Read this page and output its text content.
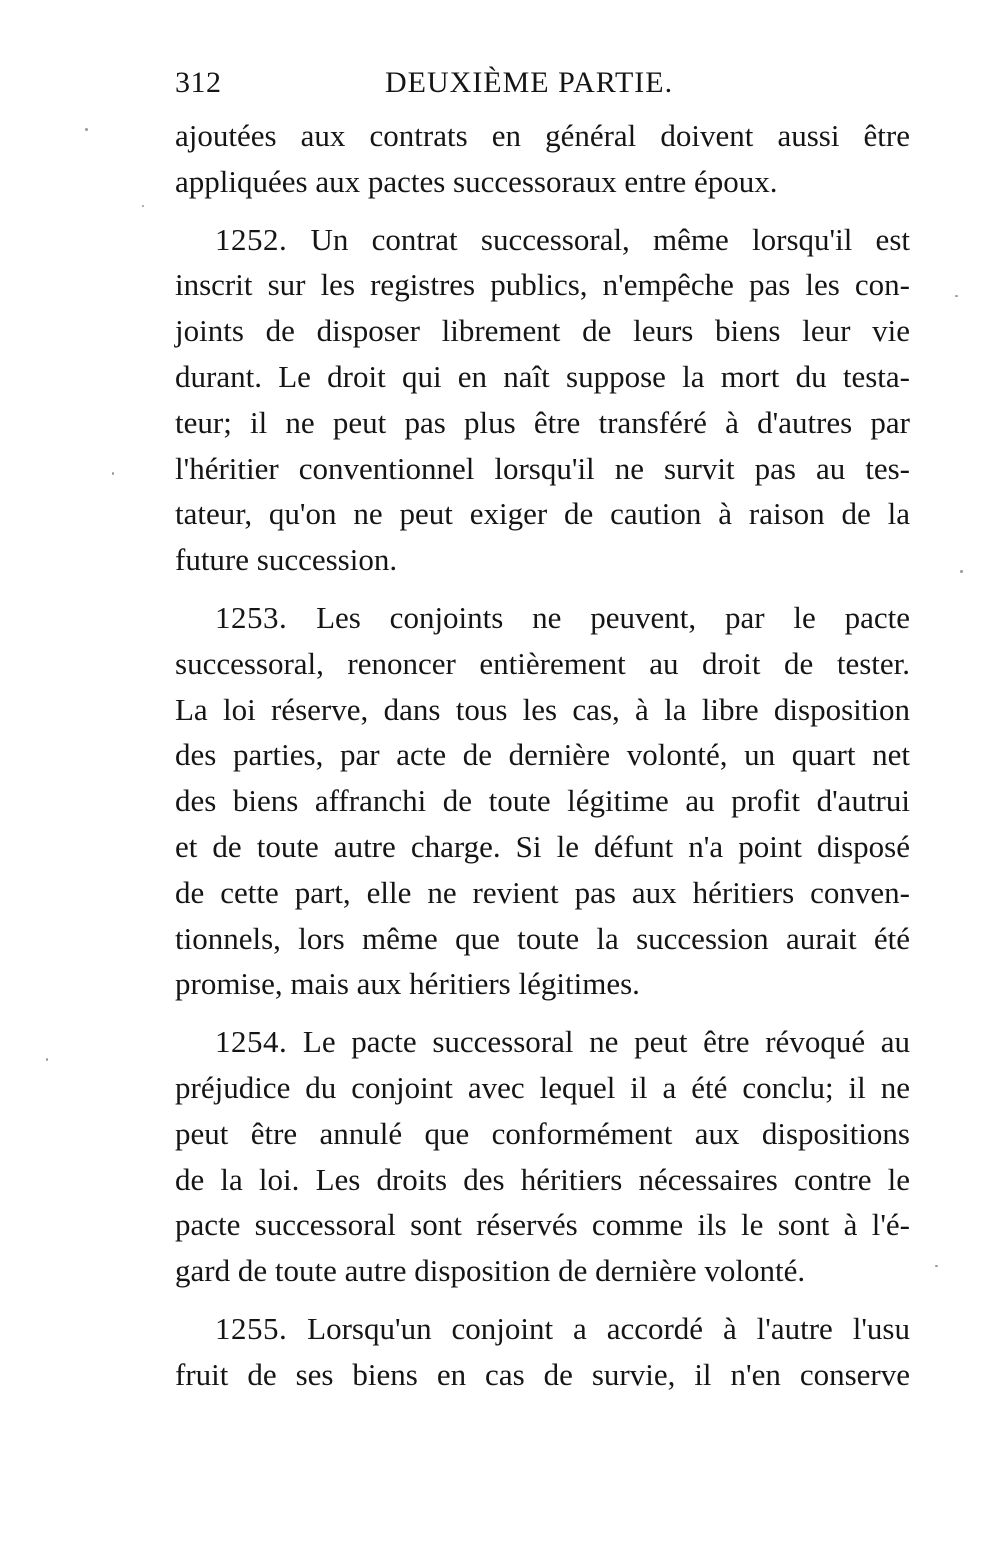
312	DEUXIÈME PARTIE.
ajoutées aux contrats en général doivent aussi être
appliquées aux pactes successoraux entre époux.
1252. Un contrat successoral, même lorsqu'il est
inscrit sur les registres publics, n'empêche pas les con-
joints de disposer librement de leurs biens leur vie
durant. Le droit qui en naît suppose la mort du testa-
teur; il ne peut pas plus être transféré à d'autres par
l'héritier conventionnel lorsqu'il ne survit pas au tes-
tateur, qu'on ne peut exiger de caution à raison de la
future succession.
1253. Les conjoints ne peuvent, par le pacte
successoral, renoncer entièrement au droit de tester.
La loi réserve, dans tous les cas, à la libre disposition
des parties, par acte de dernière volonté, un quart net
des biens affranchi de toute légitime au profit d'autrui
et de toute autre charge. Si le défunt n'a point disposé
de cette part, elle ne revient pas aux héritiers conven-
tionnels, lors même que toute la succession aurait été
promise, mais aux héritiers légitimes.
1254. Le pacte successoral ne peut être révoqué au
préjudice du conjoint avec lequel il a été conclu; il ne
peut être annulé que conformément aux dispositions
de la loi. Les droits des héritiers nécessaires contre le
pacte successoral sont réservés comme ils le sont à l'é-
gard de toute autre disposition de dernière volonté.
1255. Lorsqu'un conjoint a accordé à l'autre l'usu
fruit de ses biens en cas de survie, il n'en conserve
